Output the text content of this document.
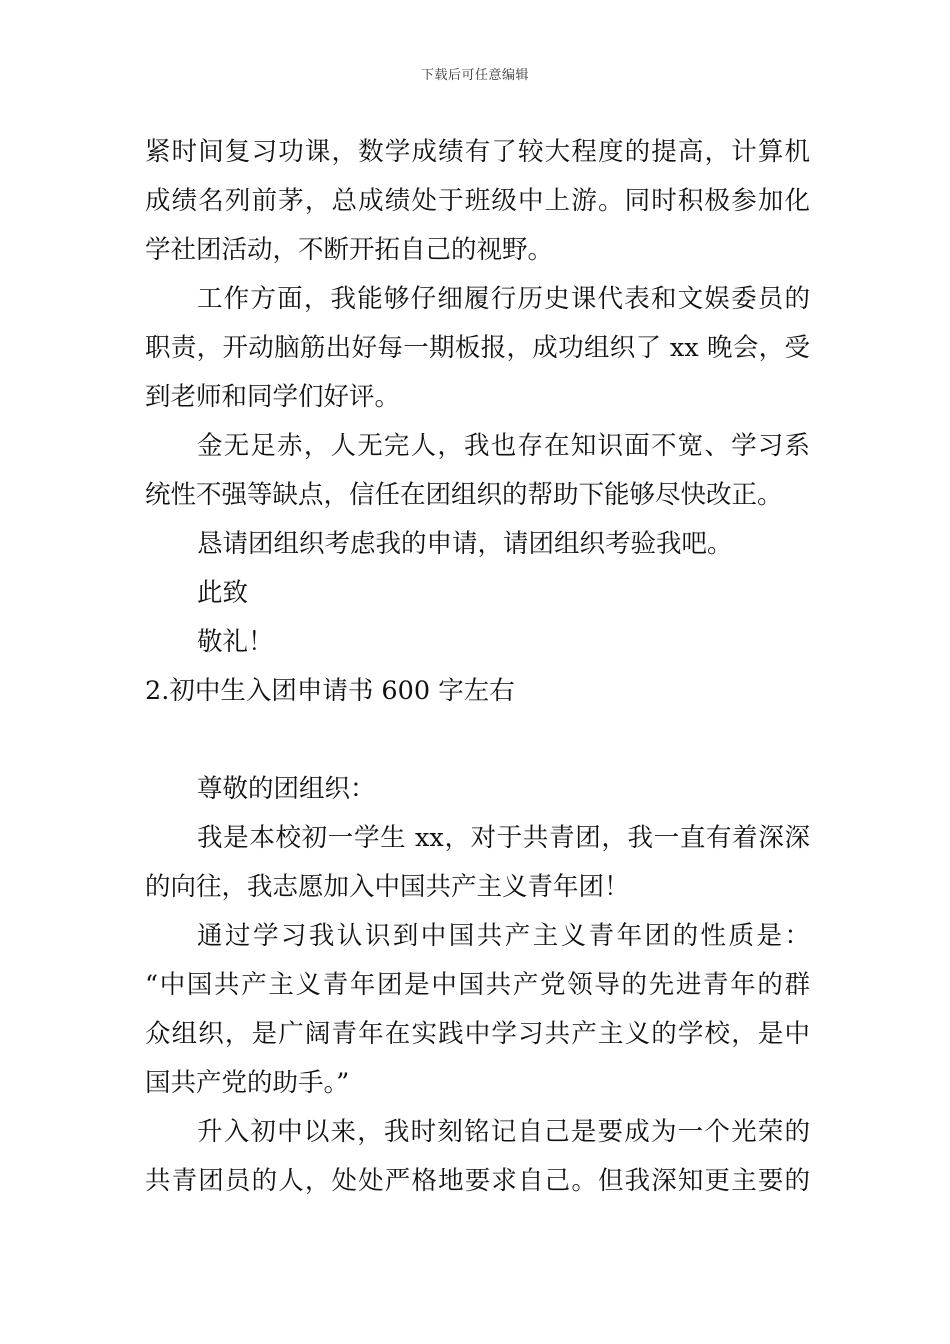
下载后可任意编辑
紧时间复习功课，数学成绩有了较大程度的提高，计算机
成绩名列前茅，总成绩处于班级中上游。同时积极参加化
学社团活动，不断开拓自己的视野。
工作方面，我能够仔细履行历史课代表和文娱委员的
职责，开动脑筋出好每一期板报，成功组织了 xx 晚会，受
到老师和同学们好评。
金无足赤，人无完人，我也存在知识面不宽、学习系
统性不强等缺点，信任在团组织的帮助下能够尽快改正。
恳请团组织考虑我的申请，请团组织考验我吧。
此致
敬礼！
2.初中生入团申请书 600 字左右
尊敬的团组织：
我是本校初一学生 xx，对于共青团，我一直有着深深
的向往，我志愿加入中国共产主义青年团！
通过学习我认识到中国共产主义青年团的性质是：
“中国共产主义青年团是中国共产党领导的先进青年的群
众组织，是广阔青年在实践中学习共产主义的学校，是中
国共产党的助手。”
升入初中以来，我时刻铭记自己是要成为一个光荣的
共青团员的人，处处严格地要求自己。但我深知更主要的
